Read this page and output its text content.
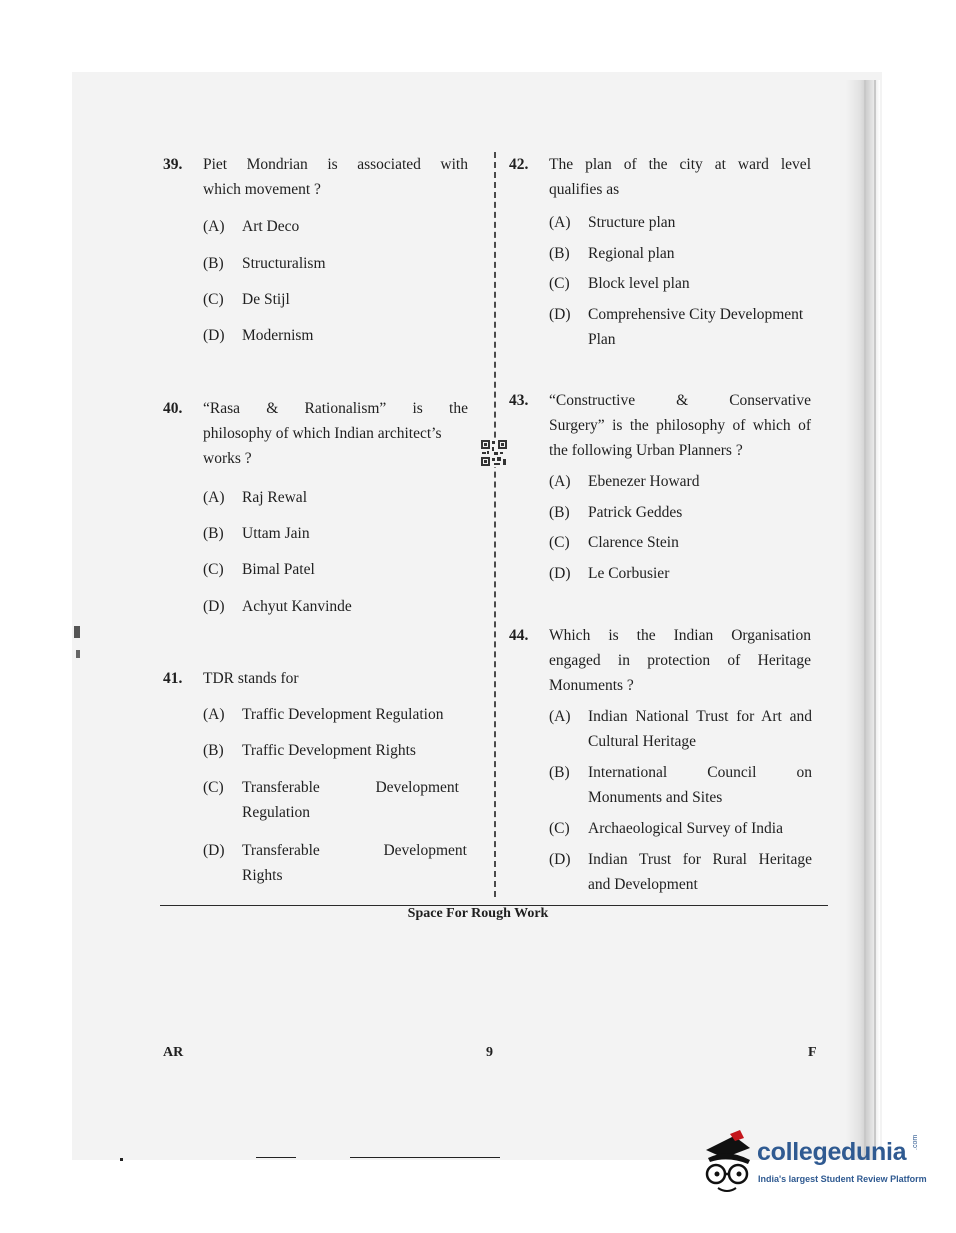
39. Piet Mondrian is associated with
which movement ?
(A) Art Deco
(B) Structuralism
(C) De Stijl
(D) Modernism
40. “Rasa & Rationalism” is the
philosophy of which Indian architect’s
works ?
(A) Raj Rewal
(B) Uttam Jain
(C) Bimal Patel
(D) Achyut Kanvinde
41. TDR stands for
(A) Traffic Development Regulation
(B) Traffic Development Rights
(C) Transferable Development
Regulation
(D) Transferable Development
Rights
42. The plan of the city at ward level
qualifies as
(A) Structure plan
(B) Regional plan
(C) Block level plan
(D) Comprehensive City Development
Plan
43. “Constructive & Conservative
Surgery” is the philosophy of which of
the following Urban Planners ?
(A) Ebenezer Howard
(B) Patrick Geddes
(C) Clarence Stein
(D) Le Corbusier
44. Which is the Indian Organisation
engaged in protection of Heritage
Monuments ?
(A) Indian National Trust for Art and
Cultural Heritage
(B) International Council on
Monuments and Sites
(C) Archaeological Survey of India
(D) Indian Trust for Rural Heritage
and Development
Space For Rough Work
AR	9	F
collegedunia .com
India's largest Student Review Platform
